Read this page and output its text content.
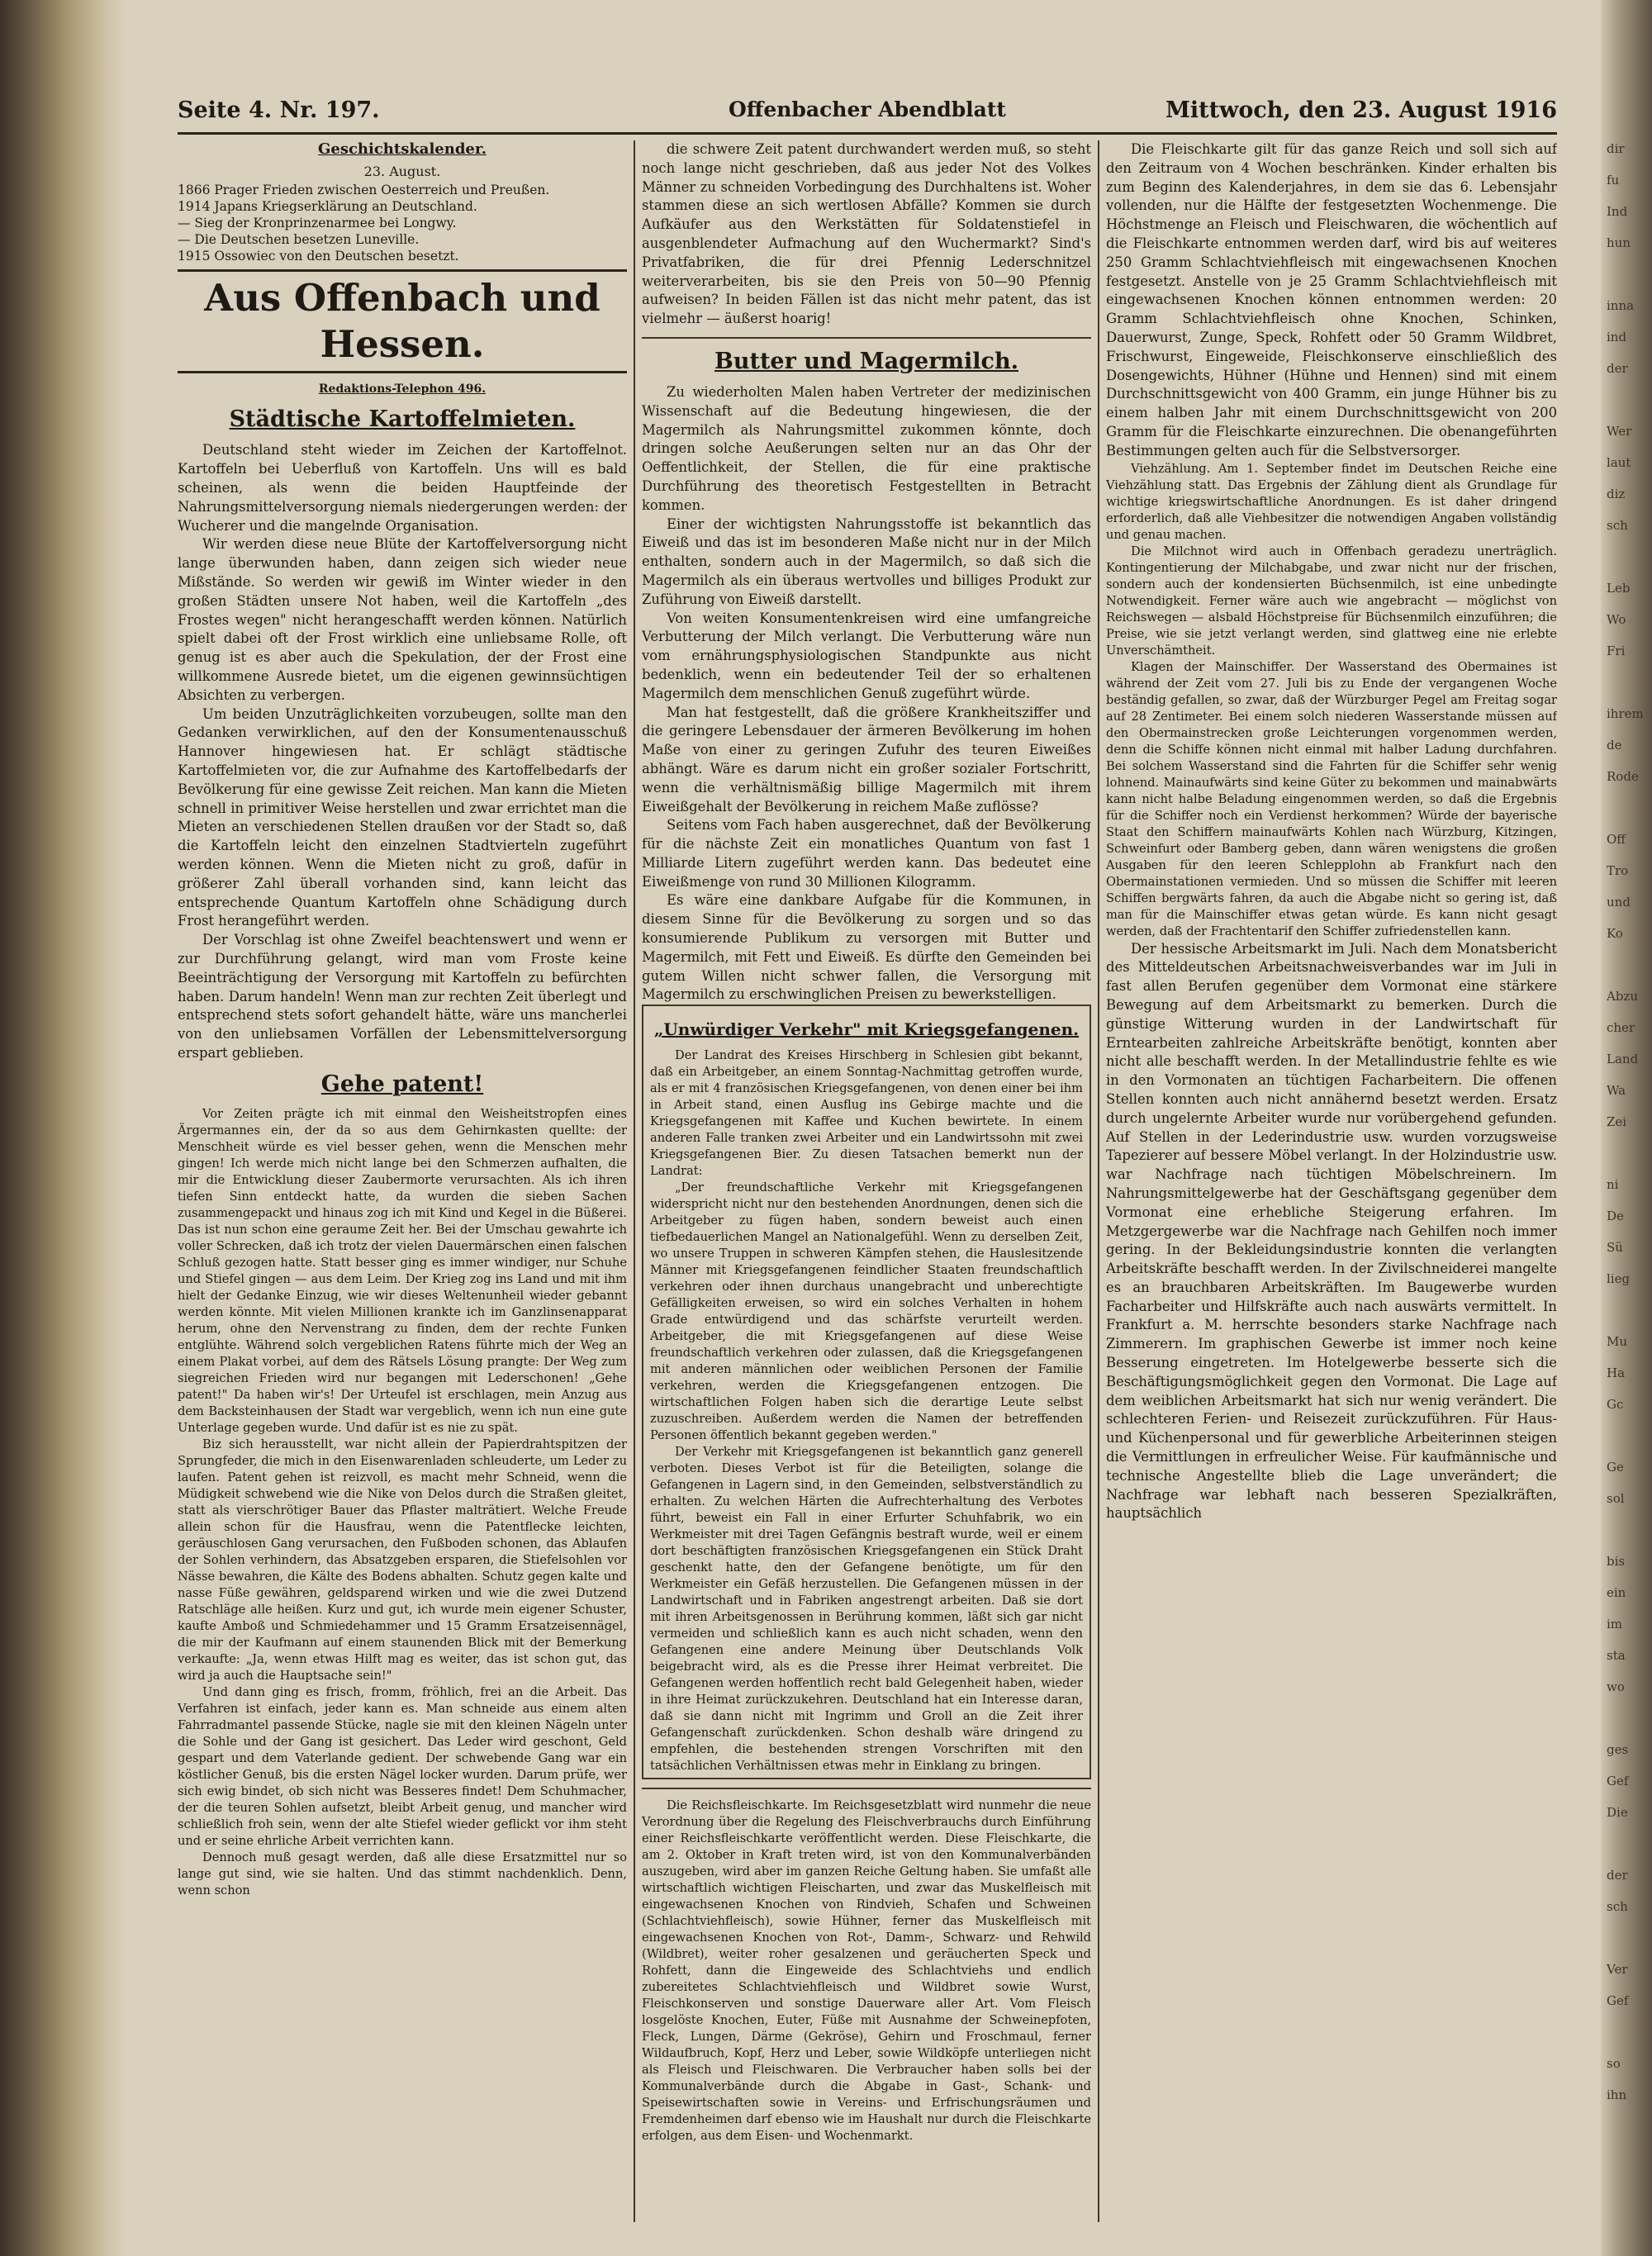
dir
fu
Ind
hun

inna
ind
der

Wer
laut
diz
sch

Leb
Wo
Fri

ihrem
de
Rode

Off
Tro
und
Ko

Abzu
cher
Land
Wa
Zei

ni
De
Sü
lieg

Mu
Ha
Gc

Ge
sol

bis
ein
im
sta
wo

ges
Gef
Die

der
sch

Ver
Gef

so
ihn
Seite 4. Nr. 197.	Offenbacher Abendblatt	Mittwoch, den 23. August 1916
Geschichtskalender.
23. August.
1866 Prager Frieden zwischen Oesterreich und Preußen.
1914 Japans Kriegserklärung an Deutschland.
— Sieg der Kronprinzenarmee bei Longwy.
— Die Deutschen besetzen Luneville.
1915 Ossowiec von den Deutschen besetzt.
Aus Offenbach und Hessen.
Redaktions-Telephon 496.
Städtische Kartoffelmieten.

Deutschland steht wieder im Zeichen der Kartoffelnot. Kartoffeln bei Ueberfluß von Kartoffeln. Uns will es bald scheinen, als wenn die beiden Hauptfeinde der Nahrungsmittelversorgung niemals niedergerungen werden: der Wucherer und die mangelnde Organisation.

Wir werden diese neue Blüte der Kartoffelversorgung nicht lange überwunden haben, dann zeigen sich wieder neue Mißstände. So werden wir gewiß im Winter wieder in den großen Städten unsere Not haben, weil die Kartoffeln „des Frostes wegen" nicht herangeschafft werden können. Natürlich spielt dabei oft der Frost wirklich eine unliebsame Rolle, oft genug ist es aber auch die Spekulation, der der Frost eine willkommene Ausrede bietet, um die eigenen gewinnsüchtigen Absichten zu verbergen.

Um beiden Unzuträglichkeiten vorzubeugen, sollte man den Gedanken verwirklichen, auf den der Konsumentenausschuß Hannover hingewiesen hat. Er schlägt städtische Kartoffelmieten vor, die zur Aufnahme des Kartoffelbedarfs der Bevölkerung für eine gewisse Zeit reichen. Man kann die Mieten schnell in primitiver Weise herstellen und zwar errichtet man die Mieten an verschiedenen Stellen draußen vor der Stadt so, daß die Kartoffeln leicht den einzelnen Stadtvierteln zugeführt werden können. Wenn die Mieten nicht zu groß, dafür in größerer Zahl überall vorhanden sind, kann leicht das entsprechende Quantum Kartoffeln ohne Schädigung durch Frost herangeführt werden.

Der Vorschlag ist ohne Zweifel beachtenswert und wenn er zur Durchführung gelangt, wird man vom Froste keine Beeinträchtigung der Versorgung mit Kartoffeln zu befürchten haben. Darum handeln! Wenn man zur rechten Zeit überlegt und entsprechend stets sofort gehandelt hätte, wäre uns mancherlei von den unliebsamen Vorfällen der Lebensmittelversorgung erspart geblieben.

Gehe patent!

Vor Zeiten prägte ich mit einmal den Weisheitstropfen eines Ärgermannes ein, der da so aus dem Gehirnkasten quellte: der Menschheit würde es viel besser gehen, wenn die Menschen mehr gingen! Ich werde mich nicht lange bei den Schmerzen aufhalten, die mir die Entwicklung dieser Zaubermorte verursachten. Als ich ihren tiefen Sinn entdeckt hatte, da wurden die sieben Sachen zusammengepackt und hinaus zog ich mit Kind und Kegel in die Büßerei. Das ist nun schon eine geraume Zeit her. Bei der Umschau gewahrte ich voller Schrecken, daß ich trotz der vielen Dauermärschen einen falschen Schluß gezogen hatte. Statt besser ging es immer windiger, nur Schuhe und Stiefel gingen — aus dem Leim. Der Krieg zog ins Land und mit ihm hielt der Gedanke Einzug, wie wir dieses Weltenunheil wieder gebannt werden könnte. Mit vielen Millionen krankte ich im Ganzlinsenapparat herum, ohne den Nervenstrang zu finden, dem der rechte Funken entglühte. Während solch vergeblichen Ratens führte mich der Weg an einem Plakat vorbei, auf dem des Rätsels Lösung prangte: Der Weg zum siegreichen Frieden wird nur begangen mit Lederschonen! „Gehe patent!" Da haben wir's! Der Urteufel ist erschlagen, mein Anzug aus dem Backsteinhausen der Stadt war vergeblich, wenn ich nun eine gute Unterlage gegeben wurde. Und dafür ist es nie zu spät.

Biz sich herausstellt, war nicht allein der Papierdrahtspitzen der Sprungfeder, die mich in den Eisenwarenladen schleuderte, um Leder zu laufen. Patent gehen ist reizvoll, es macht mehr Schneid, wenn die Müdigkeit schwebend wie die Nike von Delos durch die Straßen gleitet, statt als vierschrötiger Bauer das Pflaster malträtiert. Welche Freude allein schon für die Hausfrau, wenn die Patentflecke leichten, geräuschlosen Gang verursachen, den Fußboden schonen, das Ablaufen der Sohlen verhindern, das Absatzgeben ersparen, die Stiefelsohlen vor Nässe bewahren, die Kälte des Bodens abhalten. Schutz gegen kalte und nasse Füße gewähren, geldsparend wirken und wie die zwei Dutzend Ratschläge alle heißen. Kurz und gut, ich wurde mein eigener Schuster, kaufte Amboß und Schmiedehammer und 15 Gramm Ersatzeisennägel, die mir der Kaufmann auf einem staunenden Blick mit der Bemerkung verkaufte: „Ja, wenn etwas Hilft mag es weiter, das ist schon gut, das wird ja auch die Hauptsache sein!"

Und dann ging es frisch, fromm, fröhlich, frei an die Arbeit. Das Verfahren ist einfach, jeder kann es. Man schneide aus einem alten Fahrradmantel passende Stücke, nagle sie mit den kleinen Nägeln unter die Sohle und der Gang ist gesichert. Das Leder wird geschont, Geld gespart und dem Vaterlande gedient. Der schwebende Gang war ein köstlicher Genuß, bis die ersten Nägel locker wurden. Darum prüfe, wer sich ewig bindet, ob sich nicht was Besseres findet! Dem Schuhmacher, der die teuren Sohlen aufsetzt, bleibt Arbeit genug, und mancher wird schließlich froh sein, wenn der alte Stiefel wieder geflickt vor ihm steht und er seine ehrliche Arbeit verrichten kann.

Dennoch muß gesagt werden, daß alle diese Ersatzmittel nur so lange gut sind, wie sie halten. Und das stimmt nachdenklich. Denn, wenn schon

die schwere Zeit patent durchwandert werden muß, so steht noch lange nicht geschrieben, daß aus jeder Not des Volkes Männer zu schneiden Vorbedingung des Durchhaltens ist. Woher stammen diese an sich wertlosen Abfälle? Kommen sie durch Aufkäufer aus den Werkstätten für Soldatenstiefel in ausgenblendeter Aufmachung auf den Wuchermarkt? Sind's Privatfabriken, die für drei Pfennig Lederschnitzel weiterverarbeiten, bis sie den Preis von 50—90 Pfennig aufweisen? In beiden Fällen ist das nicht mehr patent, das ist vielmehr — äußerst hoarig!

Butter und Magermilch.

Zu wiederholten Malen haben Vertreter der medizinischen Wissenschaft auf die Bedeutung hingewiesen, die der Magermilch als Nahrungsmittel zukommen könnte, doch dringen solche Aeußerungen selten nur an das Ohr der Oeffentlichkeit, der Stellen, die für eine praktische Durchführung des theoretisch Festgestellten in Betracht kommen.

Einer der wichtigsten Nahrungsstoffe ist bekanntlich das Eiweiß und das ist im besonderen Maße nicht nur in der Milch enthalten, sondern auch in der Magermilch, so daß sich die Magermilch als ein überaus wertvolles und billiges Produkt zur Zuführung von Eiweiß darstellt.

Von weiten Konsumentenkreisen wird eine umfangreiche Verbutterung der Milch verlangt. Die Verbutterung wäre nun vom ernährungsphysiologischen Standpunkte aus nicht bedenklich, wenn ein bedeutender Teil der so erhaltenen Magermilch dem menschlichen Genuß zugeführt würde.

Man hat festgestellt, daß die größere Krankheitsziffer und die geringere Lebensdauer der ärmeren Bevölkerung im hohen Maße von einer zu geringen Zufuhr des teuren Eiweißes abhängt. Wäre es darum nicht ein großer sozialer Fortschritt, wenn die verhältnismäßig billige Magermilch mit ihrem Eiweißgehalt der Bevölkerung in reichem Maße zuflösse?

Seitens vom Fach haben ausgerechnet, daß der Bevölkerung für die nächste Zeit ein monatliches Quantum von fast 1 Milliarde Litern zugeführt werden kann. Das bedeutet eine Eiweißmenge von rund 30 Millionen Kilogramm.

Es wäre eine dankbare Aufgabe für die Kommunen, in diesem Sinne für die Bevölkerung zu sorgen und so das konsumierende Publikum zu versorgen mit Butter und Magermilch, mit Fett und Eiweiß. Es dürfte den Gemeinden bei gutem Willen nicht schwer fallen, die Versorgung mit Magermilch zu erschwinglichen Preisen zu bewerkstelligen.

„Unwürdiger Verkehr" mit Kriegsgefangenen.

Der Landrat des Kreises Hirschberg in Schlesien gibt bekannt, daß ein Arbeitgeber, an einem Sonntag-Nachmittag getroffen wurde, als er mit 4 französischen Kriegsgefangenen, von denen einer bei ihm in Arbeit stand, einen Ausflug ins Gebirge machte und die Kriegsgefangenen mit Kaffee und Kuchen bewirtete. In einem anderen Falle tranken zwei Arbeiter und ein Landwirtssohn mit zwei Kriegsgefangenen Bier. Zu diesen Tatsachen bemerkt nun der Landrat:

„Der freundschaftliche Verkehr mit Kriegsgefangenen widerspricht nicht nur den bestehenden Anordnungen, denen sich die Arbeitgeber zu fügen haben, sondern beweist auch einen tiefbedauerlichen Mangel an Nationalgefühl. Wenn zu derselben Zeit, wo unsere Truppen in schweren Kämpfen stehen, die Hauslesitzende Männer mit Kriegsgefangenen feindlicher Staaten freundschaftlich verkehren oder ihnen durchaus unangebracht und unberechtigte Gefälligkeiten erweisen, so wird ein solches Verhalten in hohem Grade entwürdigend und das schärfste verurteilt werden. Arbeitgeber, die mit Kriegsgefangenen auf diese Weise freundschaftlich verkehren oder zulassen, daß die Kriegsgefangenen mit anderen männlichen oder weiblichen Personen der Familie verkehren, werden die Kriegsgefangenen entzogen. Die wirtschaftlichen Folgen haben sich die derartige Leute selbst zuzuschreiben. Außerdem werden die Namen der betreffenden Personen öffentlich bekannt gegeben werden."

Der Verkehr mit Kriegsgefangenen ist bekanntlich ganz generell verboten. Dieses Verbot ist für die Beteiligten, solange die Gefangenen in Lagern sind, in den Gemeinden, selbstverständlich zu erhalten. Zu welchen Härten die Aufrechterhaltung des Verbotes führt, beweist ein Fall in einer Erfurter Schuhfabrik, wo ein Werkmeister mit drei Tagen Gefängnis bestraft wurde, weil er einem dort beschäftigten französischen Kriegsgefangenen ein Stück Draht geschenkt hatte, den der Gefangene benötigte, um für den Werkmeister ein Gefäß herzustellen. Die Gefangenen müssen in der Landwirtschaft und in Fabriken angestrengt arbeiten. Daß sie dort mit ihren Arbeitsgenossen in Berührung kommen, läßt sich gar nicht vermeiden und schließlich kann es auch nicht schaden, wenn den Gefangenen eine andere Meinung über Deutschlands Volk beigebracht wird, als es die Presse ihrer Heimat verbreitet. Die Gefangenen werden hoffentlich recht bald Gelegenheit haben, wieder in ihre Heimat zurückzukehren. Deutschland hat ein Interesse daran, daß sie dann nicht mit Ingrimm und Groll an die Zeit ihrer Gefangenschaft zurückdenken. Schon deshalb wäre dringend zu empfehlen, die bestehenden strengen Vorschriften mit den tatsächlichen Verhältnissen etwas mehr in Einklang zu bringen.

Die Reichsfleischkarte. Im Reichsgesetzblatt wird nunmehr die neue Verordnung über die Regelung des Fleischverbrauchs durch Einführung einer Reichsfleischkarte veröffentlicht werden. Diese Fleischkarte, die am 2. Oktober in Kraft treten wird, ist von den Kommunalverbänden auszugeben, wird aber im ganzen Reiche Geltung haben. Sie umfaßt alle wirtschaftlich wichtigen Fleischarten, und zwar das Muskelfleisch mit eingewachsenen Knochen von Rindvieh, Schafen und Schweinen (Schlachtviehfleisch), sowie Hühner, ferner das Muskelfleisch mit eingewachsenen Knochen von Rot-, Damm-, Schwarz- und Rehwild (Wildbret), weiter roher gesalzenen und geräucherten Speck und Rohfett, dann die Eingeweide des Schlachtviehs und endlich zubereitetes Schlachtviehfleisch und Wildbret sowie Wurst, Fleischkonserven und sonstige Dauerware aller Art. Vom Fleisch losgelöste Knochen, Euter, Füße mit Ausnahme der Schweinepfoten, Fleck, Lungen, Därme (Gekröse), Gehirn und Froschmaul, ferner Wildaufbruch, Kopf, Herz und Leber, sowie Wildköpfe unterliegen nicht als Fleisch und Fleischwaren. Die Verbraucher haben solls bei der Kommunalverbände durch die Abgabe in Gast-, Schank- und Speisewirtschaften sowie in Vereins- und Erfrischungsräumen und Fremdenheimen darf ebenso wie im Haushalt nur durch die Fleischkarte erfolgen, aus dem Eisen- und Wochenmarkt.

Die Fleischkarte gilt für das ganze Reich und soll sich auf den Zeitraum von 4 Wochen beschränken. Kinder erhalten bis zum Beginn des Kalenderjahres, in dem sie das 6. Lebensjahr vollenden, nur die Hälfte der festgesetzten Wochenmenge. Die Höchstmenge an Fleisch und Fleischwaren, die wöchentlich auf die Fleischkarte entnommen werden darf, wird bis auf weiteres 250 Gramm Schlachtviehfleisch mit eingewachsenen Knochen festgesetzt. Anstelle von je 25 Gramm Schlachtviehfleisch mit eingewachsenen Knochen können entnommen werden: 20 Gramm Schlachtviehfleisch ohne Knochen, Schinken, Dauerwurst, Zunge, Speck, Rohfett oder 50 Gramm Wildbret, Frischwurst, Eingeweide, Fleischkonserve einschließlich des Dosengewichts, Hühner (Hühne und Hennen) sind mit einem Durchschnittsgewicht von 400 Gramm, ein junge Hühner bis zu einem halben Jahr mit einem Durchschnittsgewicht von 200 Gramm für die Fleischkarte einzurechnen. Die obenangeführten Bestimmungen gelten auch für die Selbstversorger.

Viehzählung. Am 1. September findet im Deutschen Reiche eine Viehzählung statt. Das Ergebnis der Zählung dient als Grundlage für wichtige kriegswirtschaftliche Anordnungen. Es ist daher dringend erforderlich, daß alle Viehbesitzer die notwendigen Angaben vollständig und genau machen.

Die Milchnot wird auch in Offenbach geradezu unerträglich. Kontingentierung der Milchabgabe, und zwar nicht nur der frischen, sondern auch der kondensierten Büchsenmilch, ist eine unbedingte Notwendigkeit. Ferner wäre auch wie angebracht — möglichst von Reichswegen — alsbald Höchstpreise für Büchsenmilch einzuführen; die Preise, wie sie jetzt verlangt werden, sind glattweg eine nie erlebte Unverschämtheit.

Klagen der Mainschiffer. Der Wasserstand des Obermaines ist während der Zeit vom 27. Juli bis zu Ende der vergangenen Woche beständig gefallen, so zwar, daß der Würzburger Pegel am Freitag sogar auf 28 Zentimeter. Bei einem solch niederen Wasserstande müssen auf den Obermainstrecken große Leichterungen vorgenommen werden, denn die Schiffe können nicht einmal mit halber Ladung durchfahren. Bei solchem Wasserstand sind die Fahrten für die Schiffer sehr wenig lohnend. Mainaufwärts sind keine Güter zu bekommen und mainabwärts kann nicht halbe Beladung eingenommen werden, so daß die Ergebnis für die Schiffer noch ein Verdienst herkommen? Würde der bayerische Staat den Schiffern mainaufwärts Kohlen nach Würzburg, Kitzingen, Schweinfurt oder Bamberg geben, dann wären wenigstens die großen Ausgaben für den leeren Schlepplohn ab Frankfurt nach den Obermainstationen vermieden. Und so müssen die Schiffer mit leeren Schiffen bergwärts fahren, da auch die Abgabe nicht so gering ist, daß man für die Mainschiffer etwas getan würde. Es kann nicht gesagt werden, daß der Frachtentarif den Schiffer zufriedenstellen kann.

Der hessische Arbeitsmarkt im Juli. Nach dem Monatsbericht des Mitteldeutschen Arbeitsnachweisverbandes war im Juli in fast allen Berufen gegenüber dem Vormonat eine stärkere Bewegung auf dem Arbeitsmarkt zu bemerken. Durch die günstige Witterung wurden in der Landwirtschaft für Erntearbeiten zahlreiche Arbeitskräfte benötigt, konnten aber nicht alle beschafft werden. In der Metallindustrie fehlte es wie in den Vormonaten an tüchtigen Facharbeitern. Die offenen Stellen konnten auch nicht annähernd besetzt werden. Ersatz durch ungelernte Arbeiter wurde nur vorübergehend gefunden. Auf Stellen in der Lederindustrie usw. wurden vorzugsweise Tapezierer auf bessere Möbel verlangt. In der Holzindustrie usw. war Nachfrage nach tüchtigen Möbelschreinern. Im Nahrungsmittelgewerbe hat der Geschäftsgang gegenüber dem Vormonat eine erhebliche Steigerung erfahren. Im Metzgergewerbe war die Nachfrage nach Gehilfen noch immer gering. In der Bekleidungsindustrie konnten die verlangten Arbeitskräfte beschafft werden. In der Zivilschneiderei mangelte es an brauchbaren Arbeitskräften. Im Baugewerbe wurden Facharbeiter und Hilfskräfte auch nach auswärts vermittelt. In Frankfurt a. M. herrschte besonders starke Nachfrage nach Zimmerern. Im graphischen Gewerbe ist immer noch keine Besserung eingetreten. Im Hotelgewerbe besserte sich die Beschäftigungsmöglichkeit gegen den Vormonat. Die Lage auf dem weiblichen Arbeitsmarkt hat sich nur wenig verändert. Die schlechteren Ferien- und Reisezeit zurückzuführen. Für Haus- und Küchenpersonal und für gewerbliche Arbeiterinnen steigen die Vermittlungen in erfreulicher Weise. Für kaufmännische und technische Angestellte blieb die Lage unverändert; die Nachfrage war lebhaft nach besseren Spezialkräften, hauptsächlich
